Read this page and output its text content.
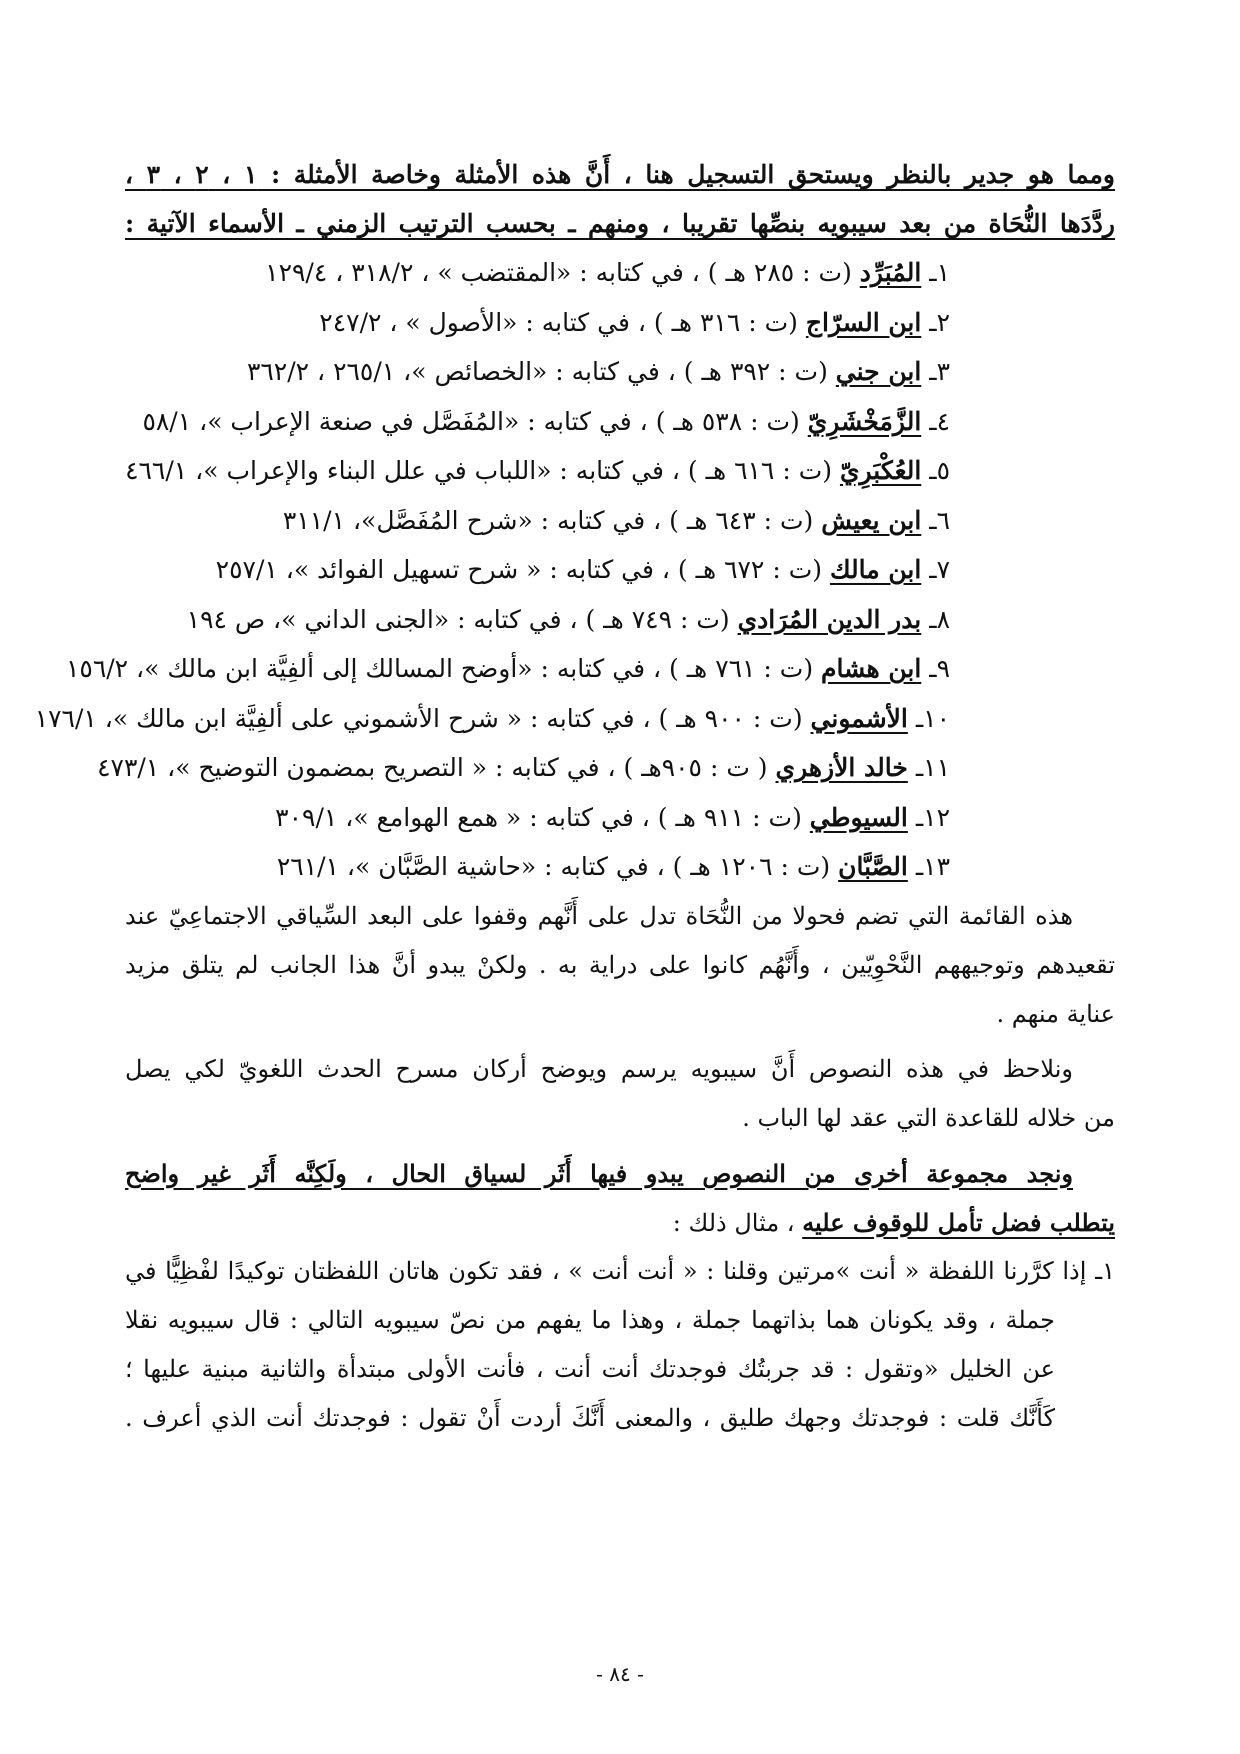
ومما هو جدير بالنظر ويستحق التسجيل هنا ، أَنَّ هذه الأمثلة وخاصة الأمثلة : ١ ، ٢ ، ٣ ،
ردَّدَها النُّحَاة من بعد سيبويه بنصِّها تقريبا ، ومنهم ـ بحسب الترتيب الزمني ـ الأسماء الآتية :
١ـ المُبَرِّد (ت : ٢٨٥ هـ ) ، في كتابه : «المقتضب » ، ٣١٨/٢ ، ١٢٩/٤
٢ـ ابن السرّاج (ت : ٣١٦ هـ ) ، في كتابه : «الأصول » ، ٢٤٧/٢
٣ـ ابن جني (ت : ٣٩٢ هـ ) ، في كتابه : «الخصائص »، ٢٦٥/١ ، ٣٦٢/٢
٤ـ الزَّمَخْشَرِيّ (ت : ٥٣٨ هـ ) ، في كتابه : «المُفَصَّل في صنعة الإعراب »، ٥٨/١
٥ـ العُكْبَرِيّ (ت : ٦١٦ هـ ) ، في كتابه : «اللباب في علل البناء والإعراب »، ٤٦٦/١
٦ـ ابن يعيش (ت : ٦٤٣ هـ ) ، في كتابه : «شرح المُفَصَّل»، ٣١١/١
٧ـ ابن مالك (ت : ٦٧٢ هـ ) ، في كتابه : « شرح تسهيل الفوائد »، ٢٥٧/١
٨ـ بدر الدين المُرَادي (ت : ٧٤٩ هـ ) ، في كتابه : «الجنى الداني »، ص ١٩٤
٩ـ ابن هشام (ت : ٧٦١ هـ ) ، في كتابه : «أوضح المسالك إلى ألفِيَّة ابن مالك »، ١٥٦/٢
١٠ـ الأشموني (ت : ٩٠٠ هـ ) ، في كتابه : « شرح الأشموني على ألفِيَّة ابن مالك »، ١٧٦/١
١١ـ خالد الأزهري ( ت : ٩٠٥هـ ) ، في كتابه : « التصريح بمضمون التوضيح »، ٤٧٣/١
١٢ـ السيوطي (ت : ٩١١ هـ ) ، في كتابه : « همع الهوامع »، ٣٠٩/١
١٣ـ الصَّبَّان (ت : ١٢٠٦ هـ ) ، في كتابه : «حاشية الصَّبَّان »، ٢٦١/١
هذه القائمة التي تضم فحولا من النُّحَاة تدل على أَنَّهم وقفوا على البعد السِّياقي الاجتماعِيّ عند
تقعيدهم وتوجيههم النَّحْوِيّين ، وأَنَّهُم كانوا على دراية به . ولكنْ يبدو أنَّ هذا الجانب لم يتلق مزيد
عناية منهم .
ونلاحظ في هذه النصوص أَنَّ سيبويه يرسم ويوضح أركان مسرح الحدث اللغويّ لكي يصل
من خلاله للقاعدة التي عقد لها الباب .
ونجد مجموعة أخرى من النصوص يبدو فيها أَثَر لسياق الحال ، ولَكِنَّه أَثَر غير واضح
يتطلب فضل تأمل للوقوف عليه ، مثال ذلك :
١ـ إذا كرَّرنا اللفظة « أنت »مرتين وقلنا : « أنت أنت » ، فقد تكون هاتان اللفظتان توكيدًا لفْظِيًّا في
جملة ، وقد يكونان هما بذاتهما جملة ، وهذا ما يفهم من نصّ سيبويه التالي : قال سيبويه نقلا
عن الخليل «وتقول : قد جربتُك فوجدتك أنت أنت ، فأنت الأولى مبتدأة والثانية مبنية عليها ؛
كَأَنَّك قلت : فوجدتك وجهك طليق ، والمعنى أَنَّكَ أردت أَنْ تقول : فوجدتك أنت الذي أعرف .
- ٨٤ -
